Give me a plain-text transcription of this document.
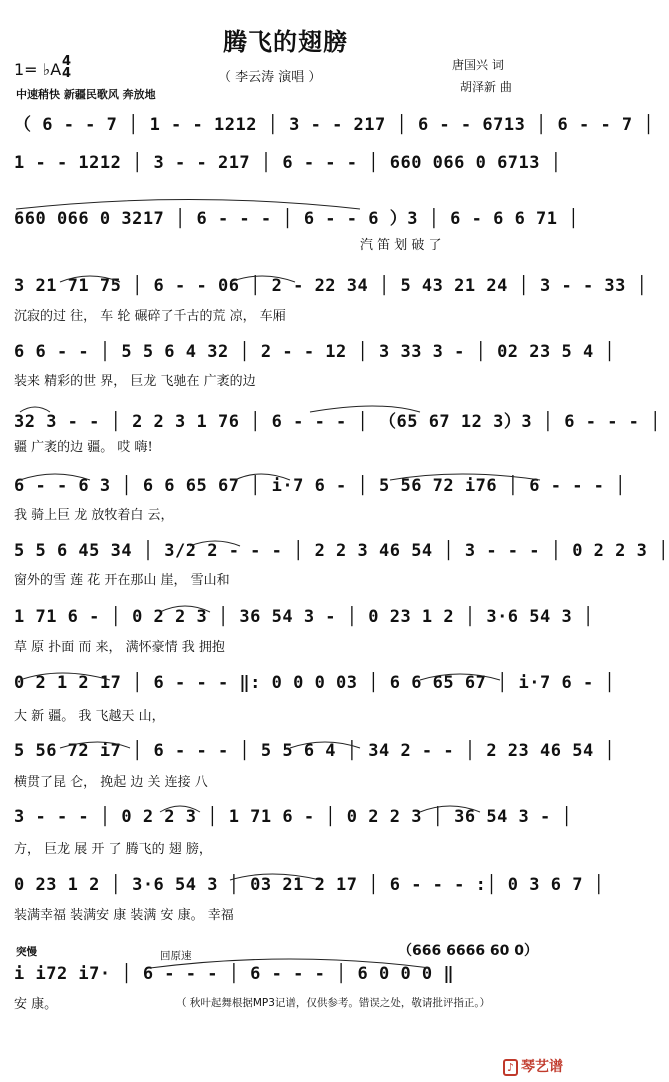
腾飞的翅膀
1= ♭A 4
4	（ 李云涛 演唱 ）
唐国兴 词
胡泽新 曲
中速稍快 新疆民歌风 奔放地
（ 6 - - 7 │ 1 - - 1212 │ 3 - - 217 │ 6 - - 6713 │ 6 - - 7 │
1 - - 1212 │ 3 - - 217 │ 6 - - - │ 660 066 0 6713 │
660 066 0 3217 │ 6 - - - │ 6 - - 6 ）3 │ 6 - 6 6 71 │
汽 笛 划 破 了
3 21 71 75 │ 6 - - 06 │ 2 - 22 34 │ 5 43 21 24 │ 3 - - 33 │
沉寂的过 往， 车 轮 碾碎了千古的荒 凉， 车厢
6 6 - - │ 5 5 6 4 32 │ 2 - - 12 │ 3 33 3 - │ 02 23 5 4 │
装来 精彩的世 界， 巨龙 飞驰在 广袤的边
32 3 - - │ 2 2 3 1 76 │ 6 - - - │ （65 67 12 3）3 │ 6 - - - │
疆 广袤的边 疆。 哎 嗨!
6 - - 6 3 │ 6 6 65 67 │ i·7 6 - │ 5 56 72 i76 │ 6 - - - │
我 骑上巨 龙 放牧着白 云，
5 5 6 45 34 │ 3/2 2 - - - │ 2 2 3 46 54 │ 3 - - - │ 0 2 2 3 │
窗外的雪 莲 花 开在那山 崖， 雪山和
1 71 6 - │ 0 2 2 3 │ 36 54 3 - │ 0 23 1 2 │ 3·6 54 3 │
草 原 扑面 而 来， 满怀豪情 我 拥抱
0 2 1 2 17 │ 6 - - - ‖: 0 0 0 03 │ 6 6 65 67 │ i·7 6 - │
大 新 疆。 我 飞越天 山，
5 56 72 i7 │ 6 - - - │ 5 5 6 4 │ 34 2 - - │ 2 23 46 54 │
横贯了昆 仑， 挽起 边 关 连接 八
3 - - - │ 0 2 2 3 │ 1 71 6 - │ 0 2 2 3 │ 36 54 3 - │
方， 巨龙 展 开 了 腾飞的 翅 膀，
0 23 1 2 │ 3·6 54 3 │ 03 21 2 17 │ 6 - - - :│ 0 3 6 7 │
装满幸福 装满安 康 装满 安 康。 幸福
突慢	回原速	（666 6666 60 0）
i i72 i7· │ 6 - - - │ 6 - - - │ 6 0 0 0 ‖
安 康。	（ 秋叶起舞根据MP3记谱，仅供参考。错误之处，敬请批评指正。）
♪ 琴艺谱
